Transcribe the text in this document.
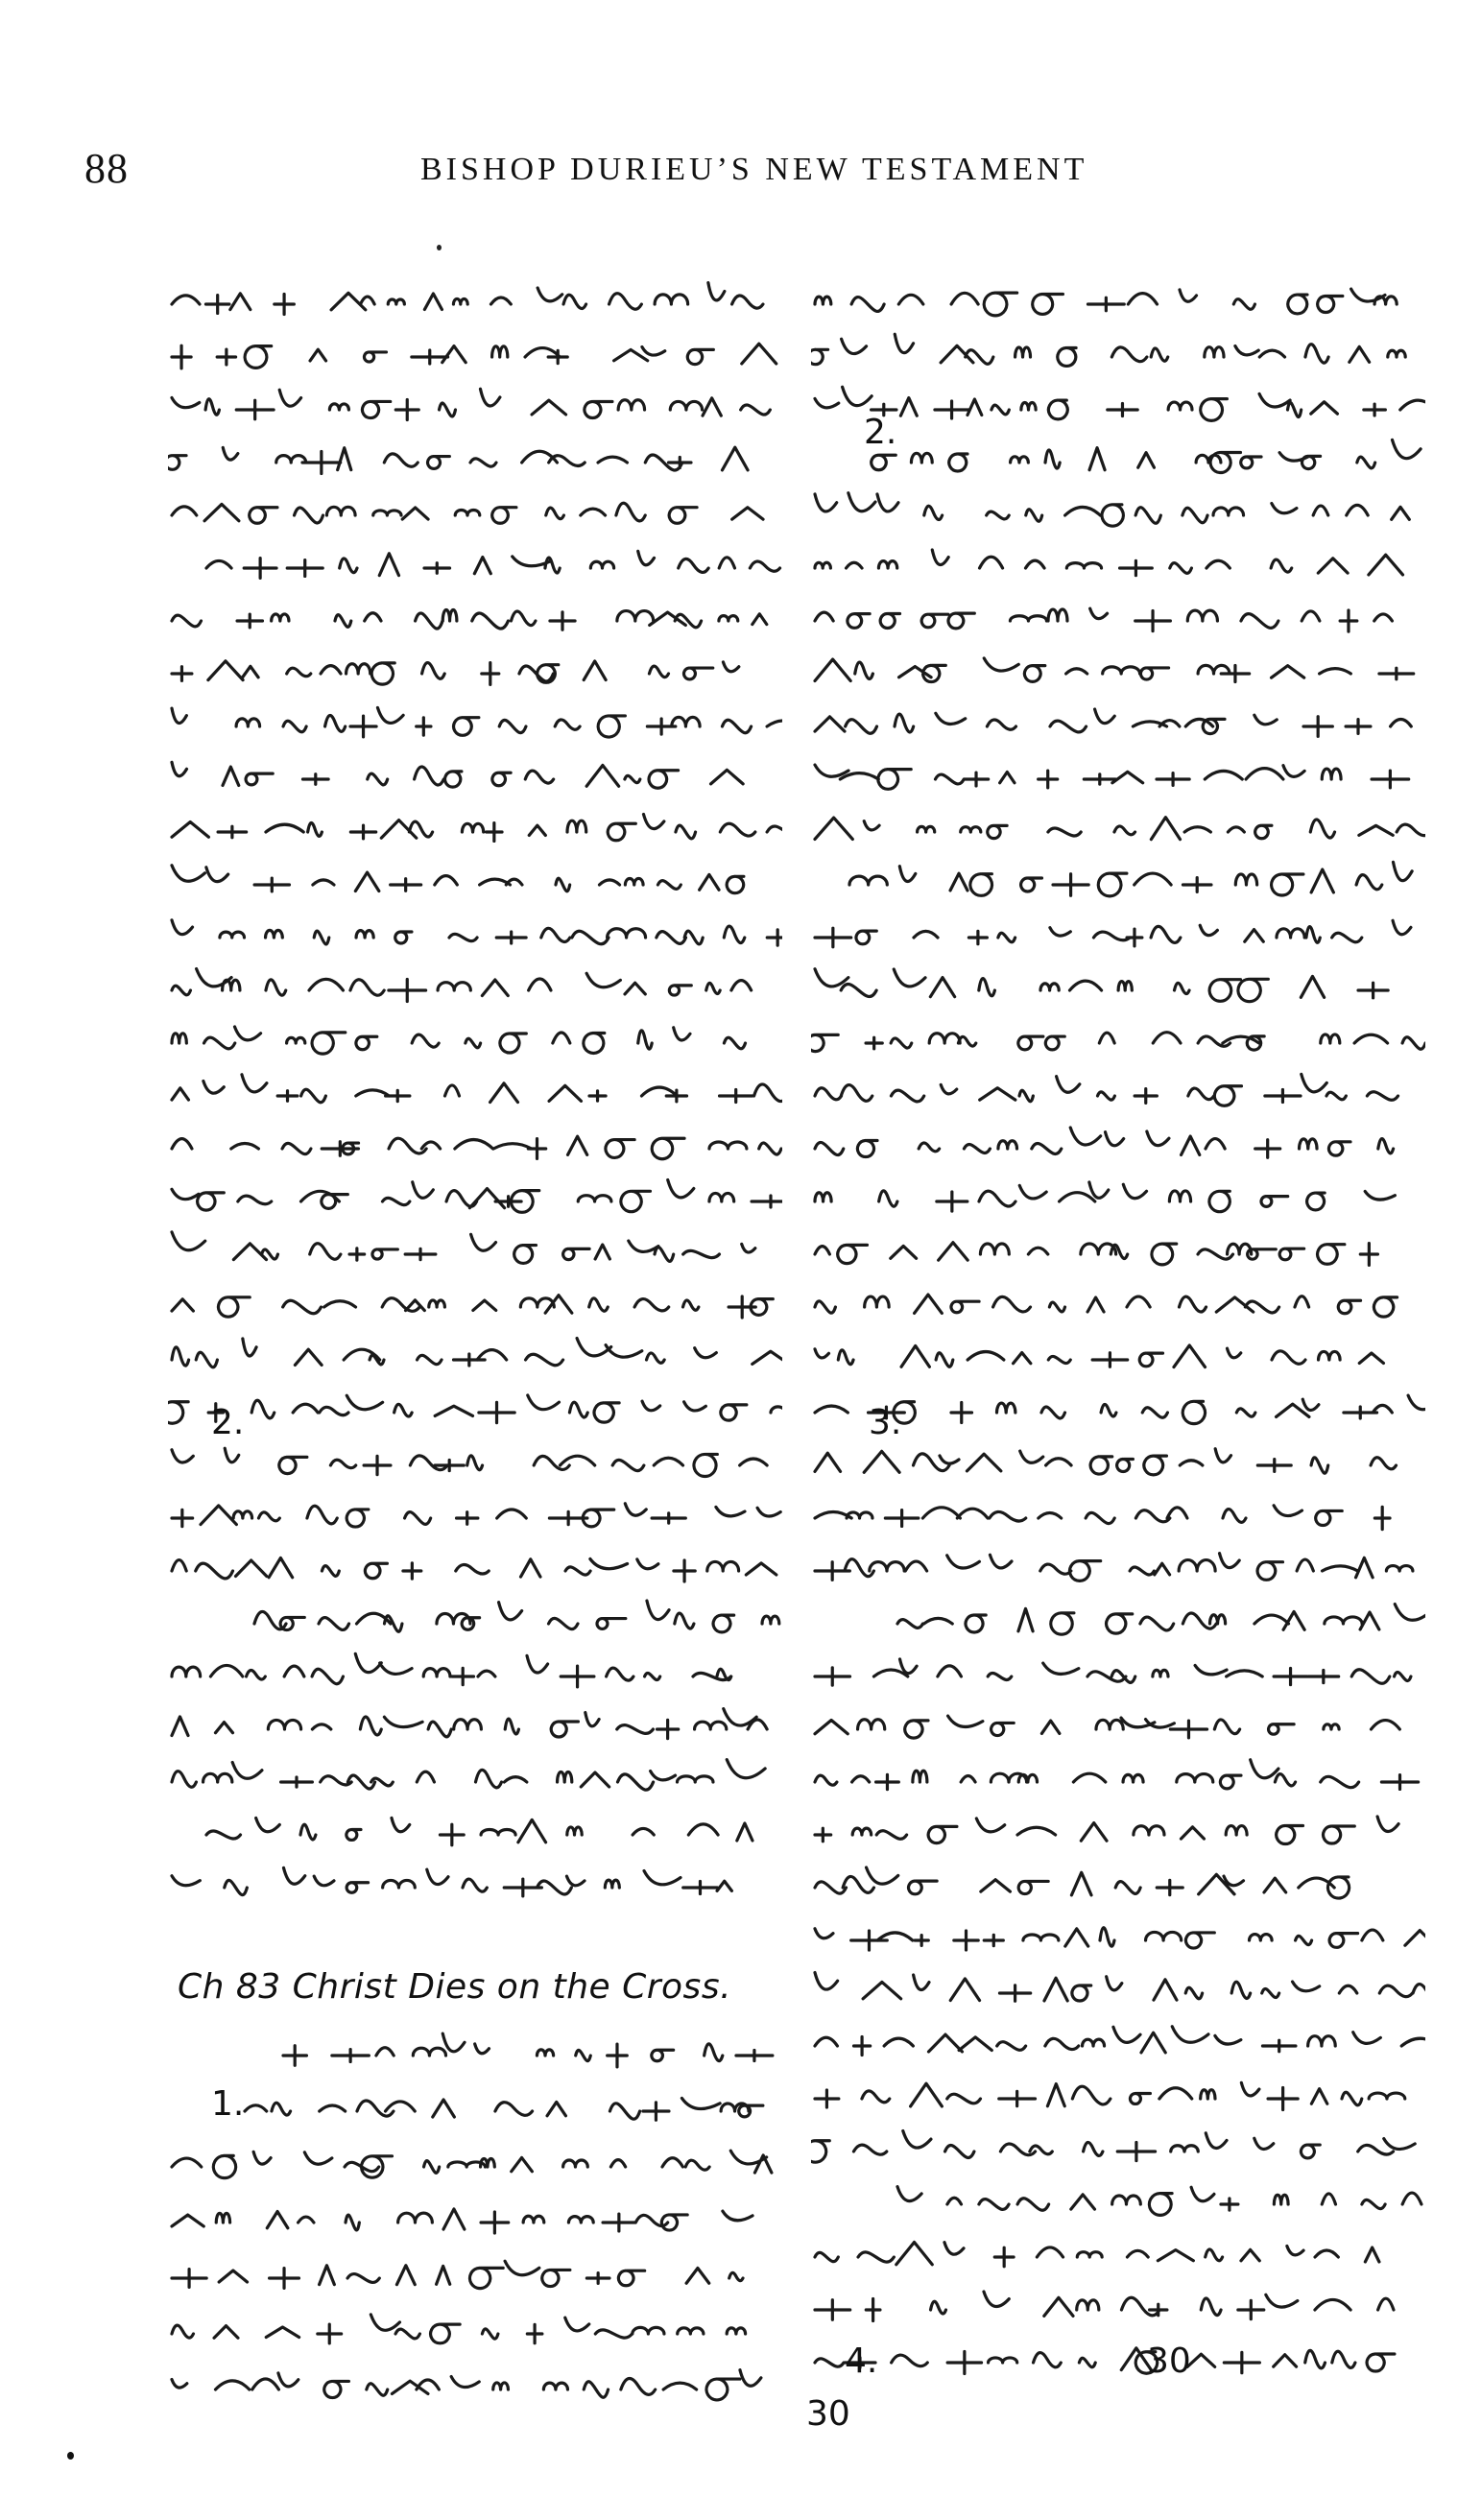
88	BISHOP DURIEU’S NEW TESTAMENT
Ch 83 Christ Dies on the Cross.
2.
1.
2.
3.
4.	30
30
